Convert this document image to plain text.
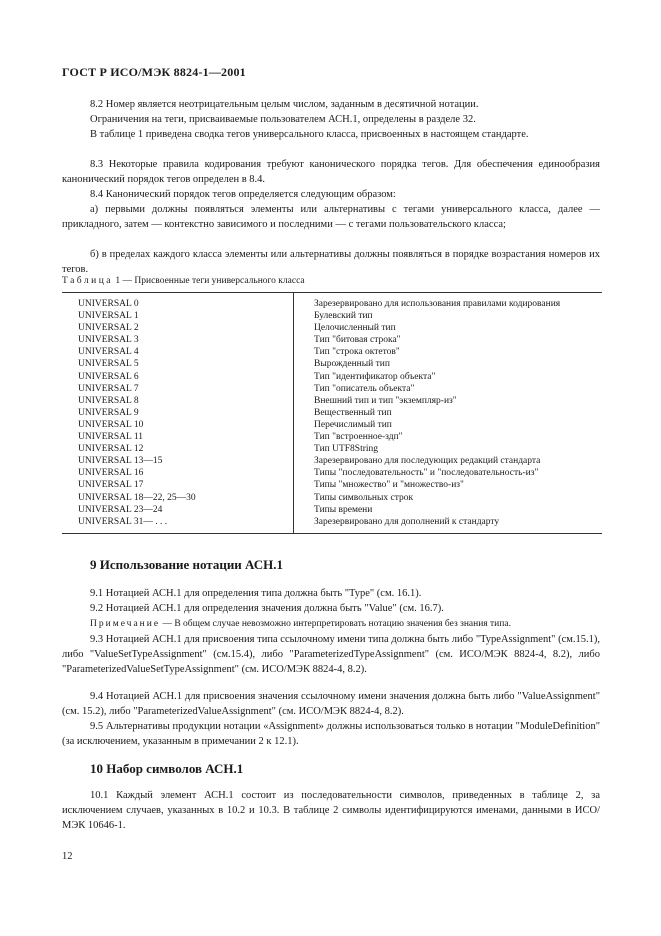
ГОСТ Р ИСО/МЭК 8824-1—2001

8.2 Номер является неотрицательным целым числом, заданным в десятичной нотации.

Ограничения на теги, присваиваемые пользователем АСН.1, определены в разделе 32.

В таблице 1 приведена сводка тегов универсального класса, присвоенных в настоящем стандарте.

8.3 Некоторые правила кодирования требуют канонического порядка тегов. Для обеспечения единообразия канонический порядок тегов определен в 8.4.

8.4 Канонический порядок тегов определяется следующим образом:

а) первыми должны появляться элементы или альтернативы с тегами универсального класса, далее — прикладного, затем — контекстно зависимого и последними — с тегами пользовательского класса;

б) в пределах каждого класса элементы или альтернативы должны появляться в порядке возрастания номеров их тегов.

Таблица 1 — Присвоенные теги универсального класса

UNIVERSAL 0	Зарезервировано для использования правилами кодирования
UNIVERSAL 1	Булевский тип
UNIVERSAL 2	Целочисленный тип
UNIVERSAL 3	Тип "битовая строка"
UNIVERSAL 4	Тип "строка октетов"
UNIVERSAL 5	Вырожденный тип
UNIVERSAL 6	Тип "идентификатор объекта"
UNIVERSAL 7	Тип "описатель объекта"
UNIVERSAL 8	Внешний тип и тип "экземпляр-из"
UNIVERSAL 9	Вещественный тип
UNIVERSAL 10	Перечислимый тип
UNIVERSAL 11	Тип "встроенное-здп"
UNIVERSAL 12	Тип UTF8String
UNIVERSAL 13—15	Зарезервировано для последующих редакций стандарта
UNIVERSAL 16	Типы "последовательность" и "последовательность-из"
UNIVERSAL 17	Типы "множество" и "множество-из"
UNIVERSAL 18—22, 25—30	Типы символьных строк
UNIVERSAL 23—24	Типы времени
UNIVERSAL 31— . . .	Зарезервировано для дополнений к стандарту
9 Использование нотации АСН.1

9.1 Нотацией АСН.1 для определения типа должна быть "Type" (см. 16.1).

9.2 Нотацией АСН.1 для определения значения должна быть "Value" (см. 16.7).

Примечание — В общем случае невозможно интерпретировать нотацию значения без знания типа.

9.3 Нотацией АСН.1 для присвоения типа ссылочному имени типа должна быть либо "TypeAssignment" (см.15.1), либо "ValueSetTypeAssignment" (см.15.4), либо "ParameterizedTypeAssignment" (см. ИСО/МЭК 8824-4, 8.2), либо "ParameterizedValueSetTypeAssignment" (см. ИСО/МЭК 8824-4, 8.2).

9.4 Нотацией АСН.1 для присвоения значения ссылочному имени значения должна быть либо "ValueAssignment" (см. 15.2), либо "ParameterizedValueAssignment" (см. ИСО/МЭК 8824-4, 8.2).

9.5 Альтернативы продукции нотации «Assignment» должны использоваться только в нотации "ModuleDefinition" (за исключением, указанным в примечании 2 к 12.1).

10 Набор символов АСН.1

10.1 Каждый элемент АСН.1 состоит из последовательности символов, приведенных в таблице 2, за исключением случаев, указанных в 10.2 и 10.3. В таблице 2 символы идентифицируются именами, данными в ИСО/МЭК 10646-1.

12
